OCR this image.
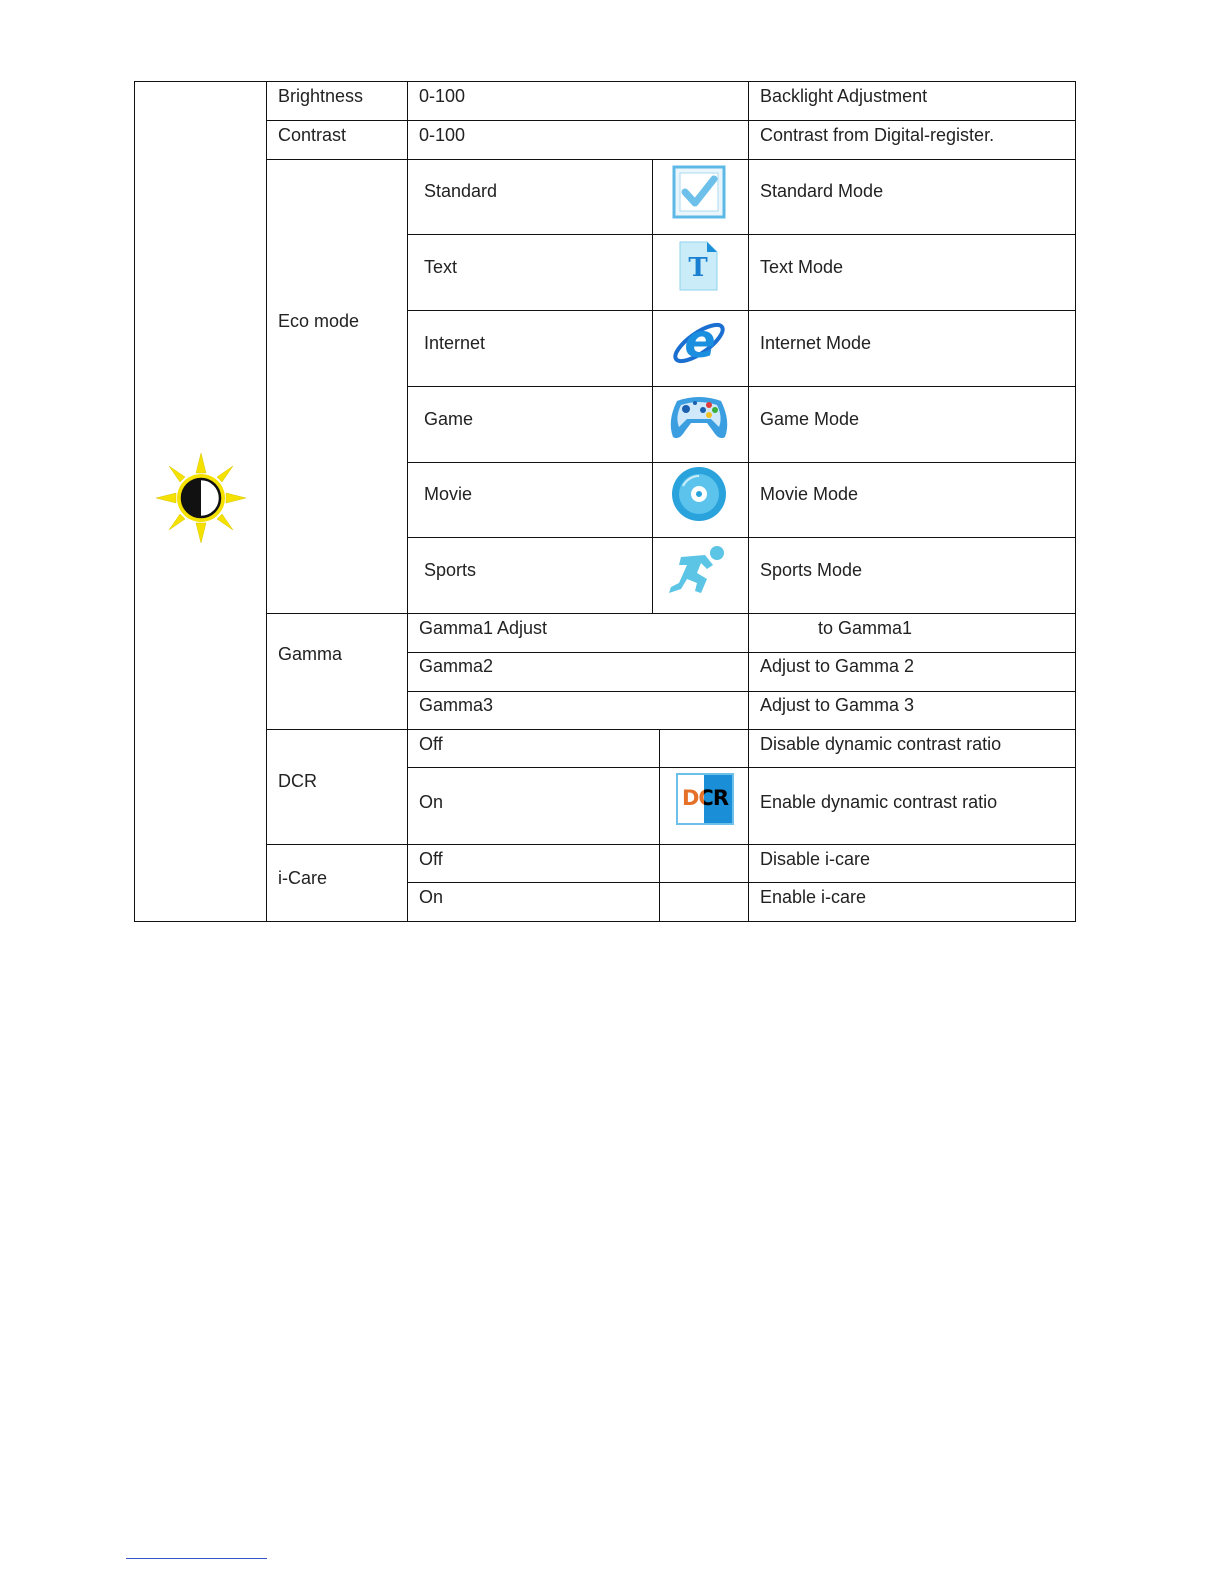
Brightness	0-100	Backlight Adjustment
Contrast	0-100	Contrast from Digital-register.
Eco mode
Standard	Standard Mode
Text	Text Mode
Internet	Internet Mode
Game	Game Mode
Movie	Movie Mode
Sports	Sports Mode
T
e
Gamma
Gamma1 Adjust	to Gamma1
Gamma2	Adjust to Gamma 2
Gamma3	Adjust to Gamma 3
DCR
Off	Disable dynamic contrast ratio
On	Enable dynamic contrast ratio
DCR
i-Care
Off	Disable i-care
On	Enable i-care
